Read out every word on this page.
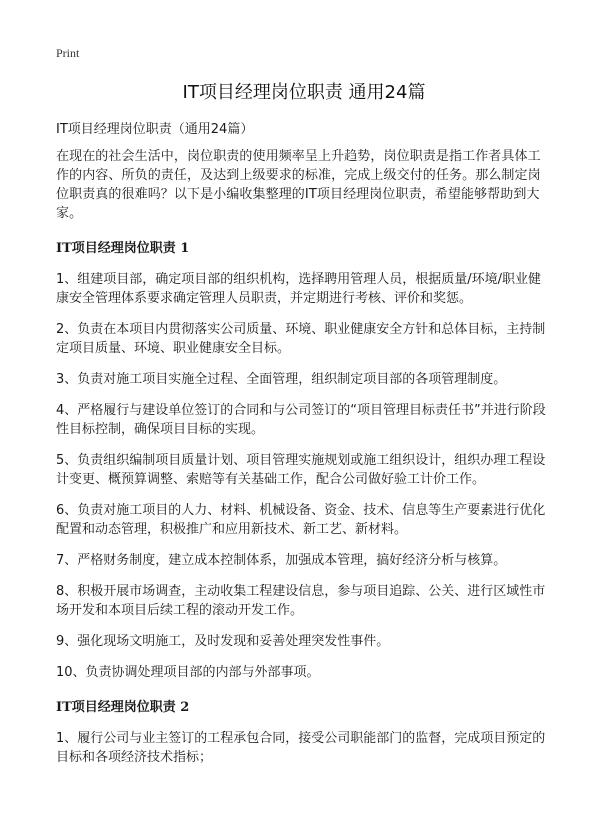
Print
IT项目经理岗位职责 通用24篇
IT项目经理岗位职责（通用24篇）

在现在的社会生活中，岗位职责的使用频率呈上升趋势，岗位职责是指工作者具体工作的内容、所负的责任，及达到上级要求的标准，完成上级交付的任务。那么制定岗位职责真的很难吗？以下是小编收集整理的IT项目经理岗位职责，希望能够帮助到大家。

IT项目经理岗位职责 1

1、组建项目部，确定项目部的组织机构，选择聘用管理人员，根据质量/环境/职业健康安全管理体系要求确定管理人员职责，并定期进行考核、评价和奖惩。

2、负责在本项目内贯彻落实公司质量、环境、职业健康安全方针和总体目标，主持制定项目质量、环境、职业健康安全目标。

3、负责对施工项目实施全过程、全面管理，组织制定项目部的各项管理制度。

4、严格履行与建设单位签订的合同和与公司签订的“项目管理目标责任书”并进行阶段性目标控制，确保项目目标的实现。

5、负责组织编制项目质量计划、项目管理实施规划或施工组织设计，组织办理工程设计变更、概预算调整、索赔等有关基础工作，配合公司做好验工计价工作。

6、负责对施工项目的人力、材料、机械设备、资金、技术、信息等生产要素进行优化配置和动态管理，积极推广和应用新技术、新工艺、新材料。

7、严格财务制度，建立成本控制体系，加强成本管理，搞好经济分析与核算。

8、积极开展市场调查，主动收集工程建设信息，参与项目追踪、公关、进行区域性市场开发和本项目后续工程的滚动开发工作。

9、强化现场文明施工，及时发现和妥善处理突发性事件。

10、负责协调处理项目部的内部与外部事项。

IT项目经理岗位职责 2

1、履行公司与业主签订的工程承包合同，接受公司职能部门的监督，完成项目预定的目标和各项经济技术指标；
